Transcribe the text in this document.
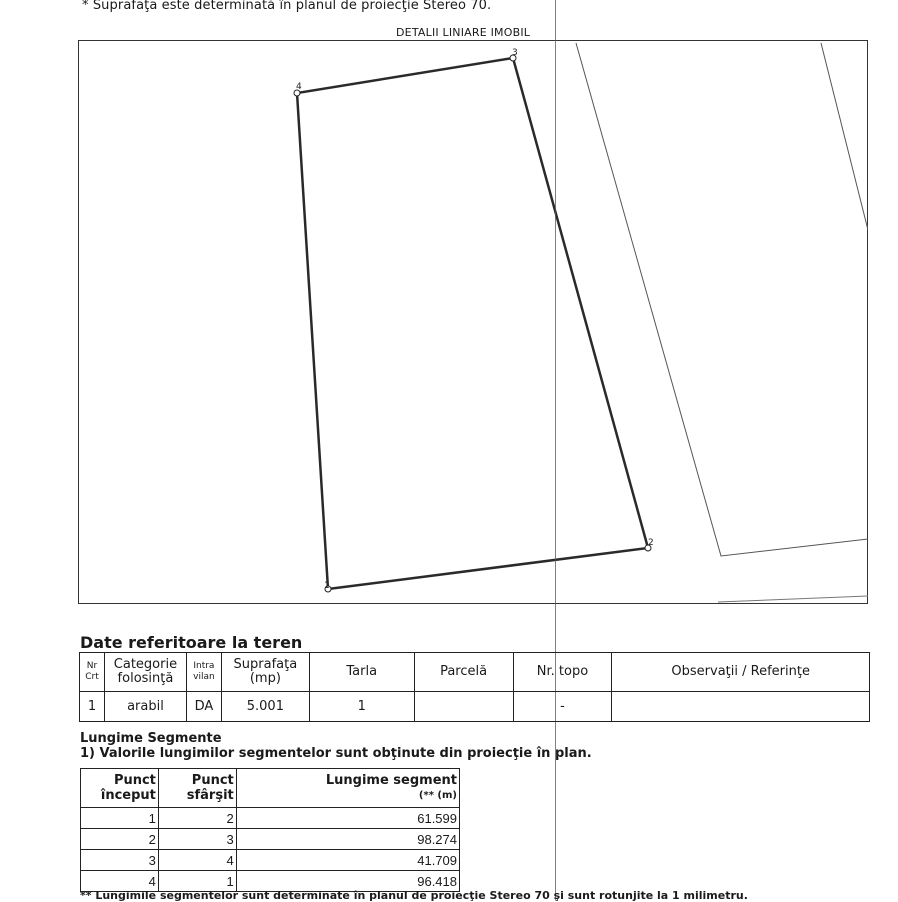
* Suprafaţa este determinată în planul de proiecţie Stereo 70.
DETALII LINIARE IMOBIL
1
2
3
4
Date referitoare la teren
Nr Crt	Categorie folosinţă	Intra vilan	Suprafaţa (mp)	Tarla	Parcelă	Nr. topo	Observaţii / Referinţe
1	arabil	DA	5.001	1		-	
Lungime Segmente
1) Valorile lungimilor segmentelor sunt obţinute din proiecţie în plan.
Punct început	Punct sfârşit	Lungime segment
(** (m)

1	2	61.599
2	3	98.274
3	4	41.709
4	1	96.418
** Lungimile segmentelor sunt determinate în planul de proiecţie Stereo 70 şi sunt rotunjite la 1 milimetru.
